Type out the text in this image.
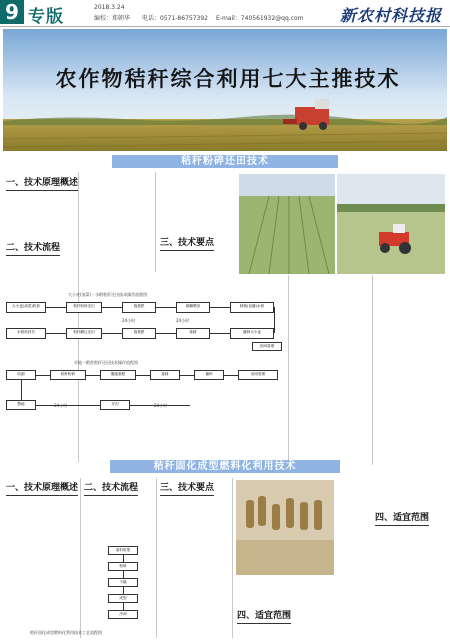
9 专版	2018.3.24
编校：郑朝华 电话：0571-86757392 E-mail：740561932@qq.com 新农村科技报
农作物秸秆综合利用七大主推技术
秸秆粉碎还田技术
一、技术原理概述
二、技术流程	三、技术要点
四、适宜范围
大小麦(油菜)－水稻秸秆还田技术操作流程图
大小麦(油菜)收获	秸秆粉碎还田	施基肥	耕翻晒田	移栽(直播)水稻
24小时	24小时
水稻收获后	秸秆翻压还田	施基肥	旋耕	播种大小麦
田间管理
旱地－稻茬秸秆还田技术操作流程图
收割	秸秆粉碎	撒施基肥	旋耕	播种	田间管理
整地	24小时	开沟	24小时
秸秆固化成型燃料化利用技术
一、技术原理概述 二、技术流程 三、技术要点
四、适宜范围
原料收集
粉碎
干燥
成型
冷却
秸秆固化成型燃料化利用技术工艺流程图
